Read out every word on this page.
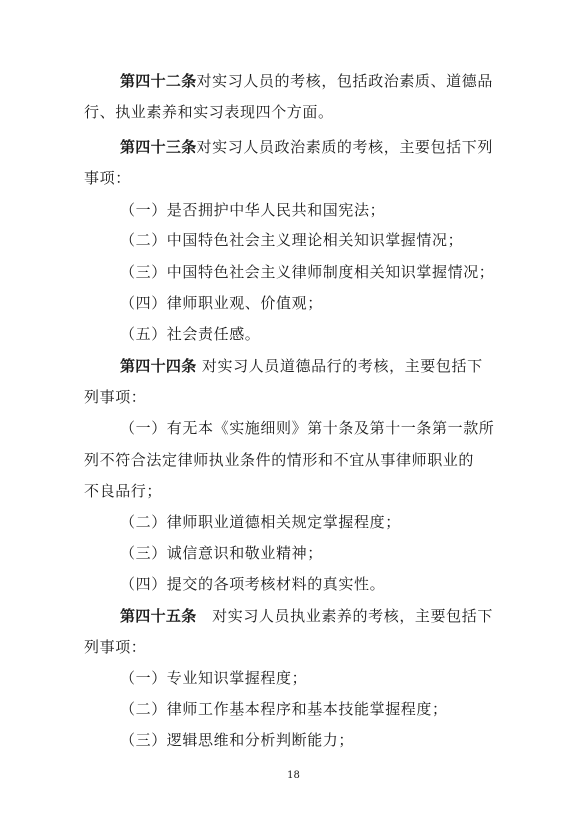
第四十二条对实习人员的考核，包括政治素质、道德品
行、执业素养和实习表现四个方面。
第四十三条对实习人员政治素质的考核，主要包括下列
事项：
（一）是否拥护中华人民共和国宪法；
（二）中国特色社会主义理论相关知识掌握情况；
（三）中国特色社会主义律师制度相关知识掌握情况；
（四）律师职业观、价值观；
（五）社会责任感。
第四十四条 对实习人员道德品行的考核，主要包括下
列事项：
（一）有无本《实施细则》第十条及第十一条第一款所
列不符合法定律师执业条件的情形和不宜从事律师职业的
不良品行；
（二）律师职业道德相关规定掌握程度；
（三）诚信意识和敬业精神；
（四）提交的各项考核材料的真实性。
第四十五条　对实习人员执业素养的考核，主要包括下
列事项：
（一）专业知识掌握程度；
（二）律师工作基本程序和基本技能掌握程度；
（三）逻辑思维和分析判断能力；
18
